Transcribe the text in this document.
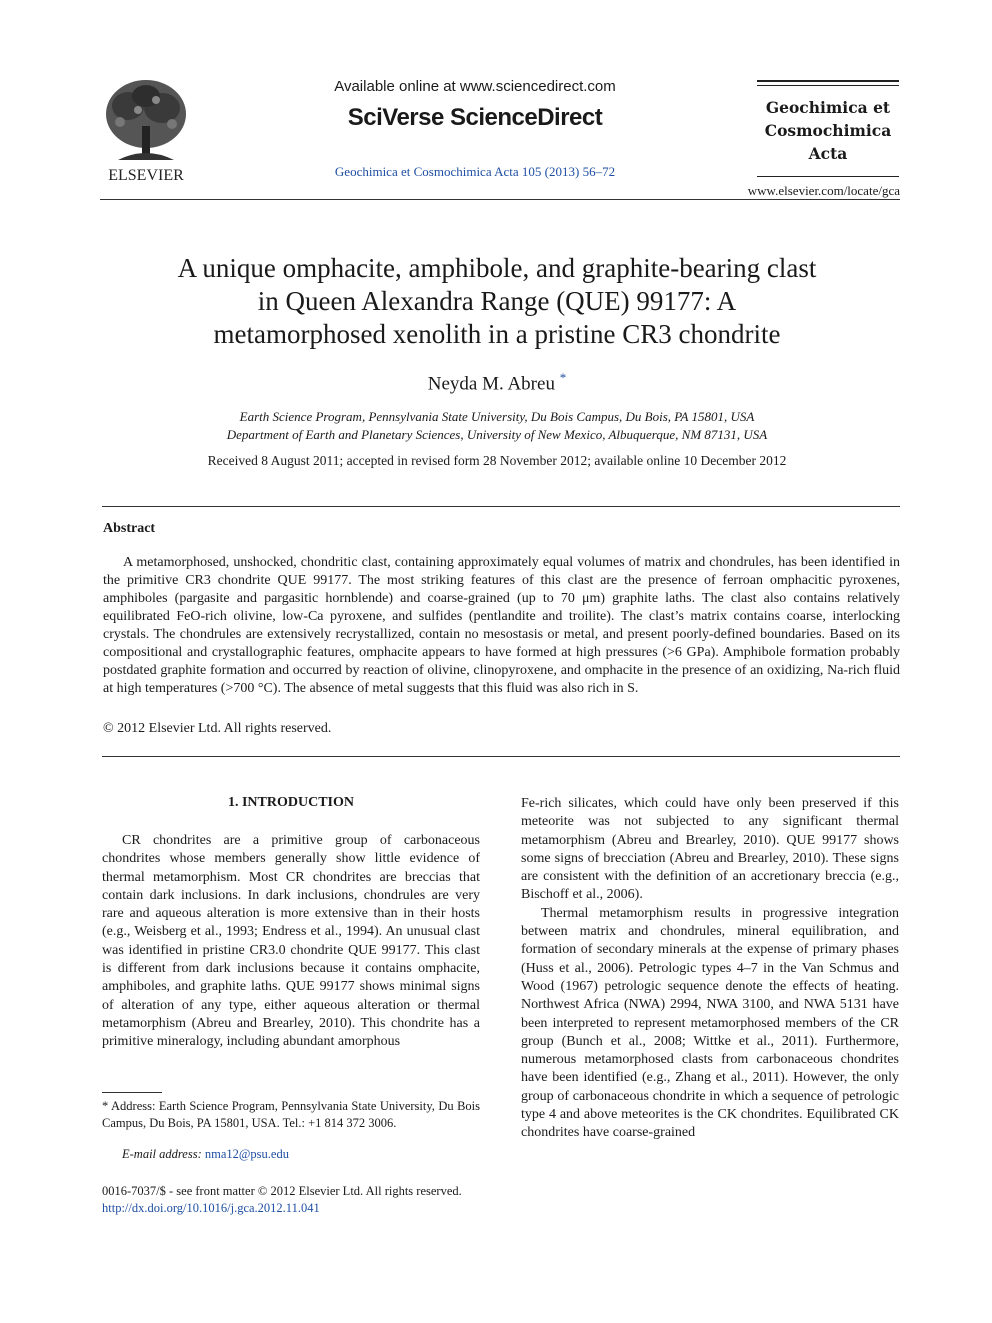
ELSEVIER
Available online at www.sciencedirect.com
SciVerse ScienceDirect
Geochimica et Cosmochimica Acta 105 (2013) 56–72
Geochimica et
Cosmochimica
Acta
www.elsevier.com/locate/gca
A unique omphacite, amphibole, and graphite-bearing clast
in Queen Alexandra Range (QUE) 99177: A
metamorphosed xenolith in a pristine CR3 chondrite
Neyda M. Abreu *
Earth Science Program, Pennsylvania State University, Du Bois Campus, Du Bois, PA 15801, USA
Department of Earth and Planetary Sciences, University of New Mexico, Albuquerque, NM 87131, USA
Received 8 August 2011; accepted in revised form 28 November 2012; available online 10 December 2012
Abstract

A metamorphosed, unshocked, chondritic clast, containing approximately equal volumes of matrix and chondrules, has been identified in the primitive CR3 chondrite QUE 99177. The most striking features of this clast are the presence of ferroan omphacitic pyroxenes, amphiboles (pargasite and pargasitic hornblende) and coarse-grained (up to 70 μm) graphite laths. The clast also contains relatively equilibrated FeO-rich olivine, low-Ca pyroxene, and sulfides (pentlandite and troilite). The clast’s matrix contains coarse, interlocking crystals. The chondrules are extensively recrystallized, contain no mesostasis or metal, and present poorly-defined boundaries. Based on its compositional and crystallographic features, omphacite appears to have formed at high pressures (>6 GPa). Amphibole formation probably postdated graphite formation and occurred by reaction of olivine, clinopyroxene, and omphacite in the presence of an oxidizing, Na-rich fluid at high temperatures (>700 °C). The absence of metal suggests that this fluid was also rich in S.

© 2012 Elsevier Ltd. All rights reserved.
1. INTRODUCTION

CR chondrites are a primitive group of carbonaceous chondrites whose members generally show little evidence of thermal metamorphism. Most CR chondrites are breccias that contain dark inclusions. In dark inclusions, chondrules are very rare and aqueous alteration is more extensive than in their hosts (e.g., Weisberg et al., 1993; Endress et al., 1994). An unusual clast was identified in pristine CR3.0 chondrite QUE 99177. This clast is different from dark inclusions because it contains omphacite, amphiboles, and graphite laths. QUE 99177 shows minimal signs of alteration of any type, either aqueous alteration or thermal metamorphism (Abreu and Brearley, 2010). This chondrite has a primitive mineralogy, including abundant amorphous

Fe-rich silicates, which could have only been preserved if this meteorite was not subjected to any significant thermal metamorphism (Abreu and Brearley, 2010). QUE 99177 shows some signs of brecciation (Abreu and Brearley, 2010). These signs are consistent with the definition of an accretionary breccia (e.g., Bischoff et al., 2006).

Thermal metamorphism results in progressive integration between matrix and chondrules, mineral equilibration, and formation of secondary minerals at the expense of primary phases (Huss et al., 2006). Petrologic types 4–7 in the Van Schmus and Wood (1967) petrologic sequence denote the effects of heating. Northwest Africa (NWA) 2994, NWA 3100, and NWA 5131 have been interpreted to represent metamorphosed members of the CR group (Bunch et al., 2008; Wittke et al., 2011). Furthermore, numerous metamorphosed clasts from carbonaceous chondrites have been identified (e.g., Zhang et al., 2011). However, the only group of carbonaceous chondrite in which a sequence of petrologic type 4 and above meteorites is the CK chondrites. Equilibrated CK chondrites have coarse-grained

* Address: Earth Science Program, Pennsylvania State University, Du Bois Campus, Du Bois, PA 15801, USA. Tel.: +1 814 372 3006.
E-mail address: nma12@psu.edu
0016-7037/$ - see front matter © 2012 Elsevier Ltd. All rights reserved.
http://dx.doi.org/10.1016/j.gca.2012.11.041
